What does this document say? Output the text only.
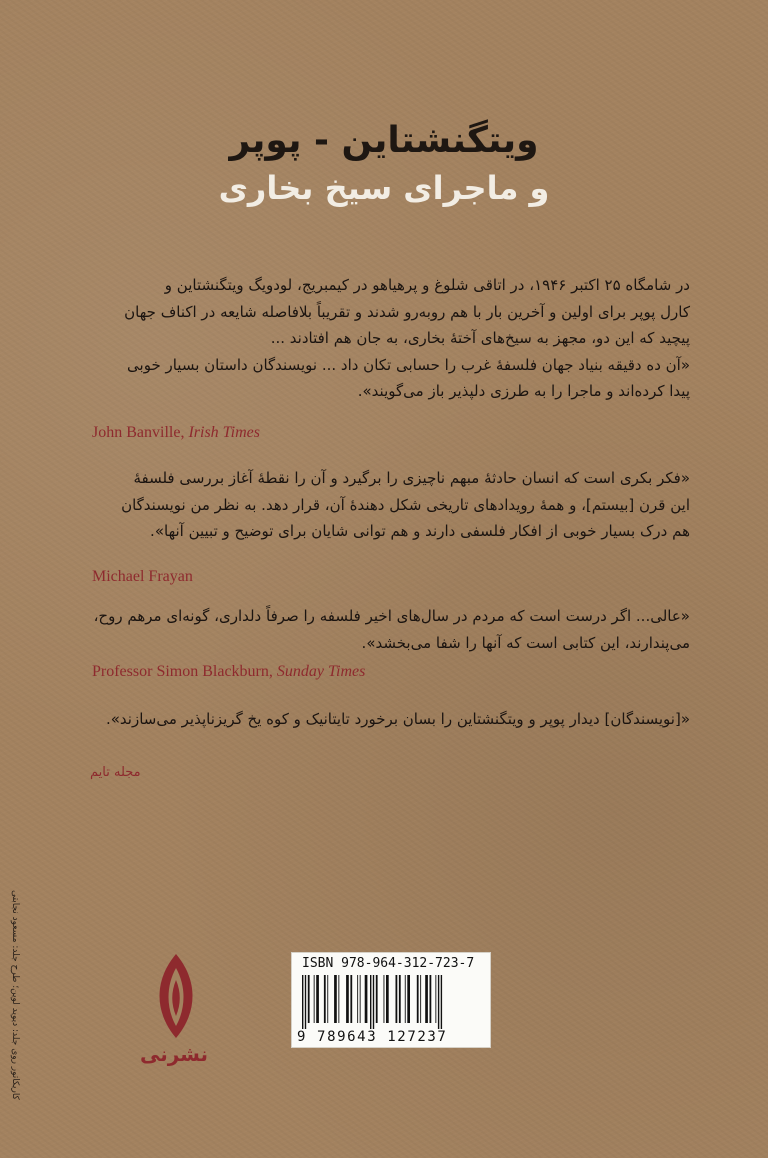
ویتگنشتاین - پوپر
و ماجرای سیخ بخاری
در شامگاه ۲۵ اکتبر ۱۹۴۶، در اتاقی شلوغ و پرهیاهو در کیمبریج، لودویگ ویتگنشتاین و
کارل پوپر برای اولین و آخرین بار با هم روبه‌رو شدند و تقریباً بلافاصله شایعه در اکناف جهان
پیچید که این دو، مجهز به سیخ‌های آختهٔ بخاری، به جان هم افتادند ...
«آن ده دقیقه بنیاد جهان فلسفهٔ غرب را حسابی تکان داد ... نویسندگان داستان بسیار خوبی
پیدا کرده‌اند و ماجرا را به طرزی دلپذیر باز می‌گویند».
John Banville, Irish Times
«فکر بکری است که انسان حادثهٔ مبهم ناچیزی را برگیرد و آن را نقطهٔ آغاز بررسی فلسفهٔ
این قرن [بیستم]، و همهٔ رویدادهای تاریخی شکل دهندهٔ آن، قرار دهد. به نظر من نویسندگان
هم درک بسیار خوبی از افکار فلسفی دارند و هم توانی شایان برای توضیح و تبیین آنها».
Michael Frayan
«عالی... اگر درست است که مردم در سال‌های اخیر فلسفه را صرفاً دلداری، گونه‌ای مرهم روح،
می‌پندارند، این کتابی است که آنها را شفا می‌بخشد».
Professor Simon Blackburn, Sunday Times
«[نویسندگان] دیدار پوپر و ویتگنشتاین را بسان برخورد تایتانیک و کوه یخ گریزناپذیر می‌سازند».
مجله تایم
کاریکاتور روی جلد: دیوید لوین؛ طرح جلد: مسعود نجابتی	نشرنی
ISBN 978-964-312-723-7
9 789643 127237
